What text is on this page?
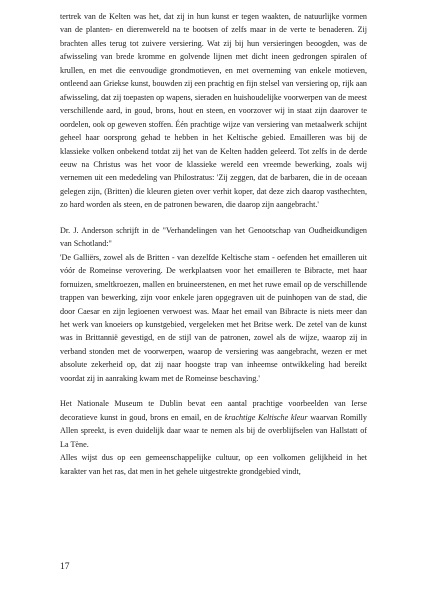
tertrek van de Kelten was het, dat zij in hun kunst er tegen waakten, de natuurlijke vormen van de planten- en dierenwereld na te bootsen of zelfs maar in de verte te benaderen. Zij brachten alles terug tot zuivere versiering. Wat zij bij hun versieringen beoogden, was de afwisseling van brede kromme en golvende lijnen met dicht ineen gedrongen spiralen of krullen, en met die eenvoudige grondmotieven, en met overneming van enkele motieven, ontleend aan Griekse kunst, bouwden zij een prachtig en fijn stelsel van versiering op, rijk aan afwisseling, dat zij toepasten op wapens, sieraden en huishoudelijke voorwerpen van de meest verschillende aard, in goud, brons, hout en steen, en voorzover wij in staat zijn daarover te oordelen, ook op geweven stoffen. Één prachtige wijze van versiering van metaalwerk schijnt geheel haar oorsprong gehad te hebben in het Keltische gebied. Emailleren was bij de klassieke volken onbekend totdat zij het van de Kelten hadden geleerd. Tot zelfs in de derde eeuw na Christus was het voor de klassieke wereld een vreemde bewerking, zoals wij vernemen uit een mededeling van Philostratus: 'Zij zeggen, dat de barbaren, die in de oceaan gelegen zijn, (Britten) die kleuren gieten over verhit koper, dat deze zich daarop vasthechten, zo hard worden als steen, en de patronen bewaren, die daarop zijn aangebracht.'

Dr. J. Anderson schrijft in de "Verhandelingen van het Genootschap van Oudheidkundigen van Schotland:"

'De Galliërs, zowel als de Britten - van dezelfde Keltische stam - oefenden het emailleren uit vóór de Romeinse verovering. De werkplaatsen voor het emailleren te Bibracte, met haar fornuizen, smeltkroezen, mallen en bruineerstenen, en met het ruwe email op de verschillende trappen van bewerking, zijn voor enkele jaren opgegraven uit de puinhopen van de stad, die door Caesar en zijn legioenen verwoest was. Maar het email van Bibracte is niets meer dan het werk van knoeiers op kunstgebied, vergeleken met het Britse werk. De zetel van de kunst was in Brittannië gevestigd, en de stijl van de patronen, zowel als de wijze, waarop zij in verband stonden met de voorwerpen, waarop de versiering was aangebracht, wezen er met absolute zekerheid op, dat zij naar hoogste trap van inheemse ontwikkeling had bereikt voordat zij in aanraking kwam met de Romeinse beschaving.'

Het Nationale Museum te Dublin bevat een aantal prachtige voorbeelden van Ierse decoratieve kunst in goud, brons en email, en de krachtige Keltische kleur waarvan Romilly Allen spreekt, is even duidelijk daar waar te nemen als bij de overblijfselen van Hallstatt of La Tène.

Alles wijst dus op een gemeenschappelijke cultuur, op een volkomen gelijkheid in het karakter van het ras, dat men in het gehele uitgestrekte grondgebied vindt,

17
